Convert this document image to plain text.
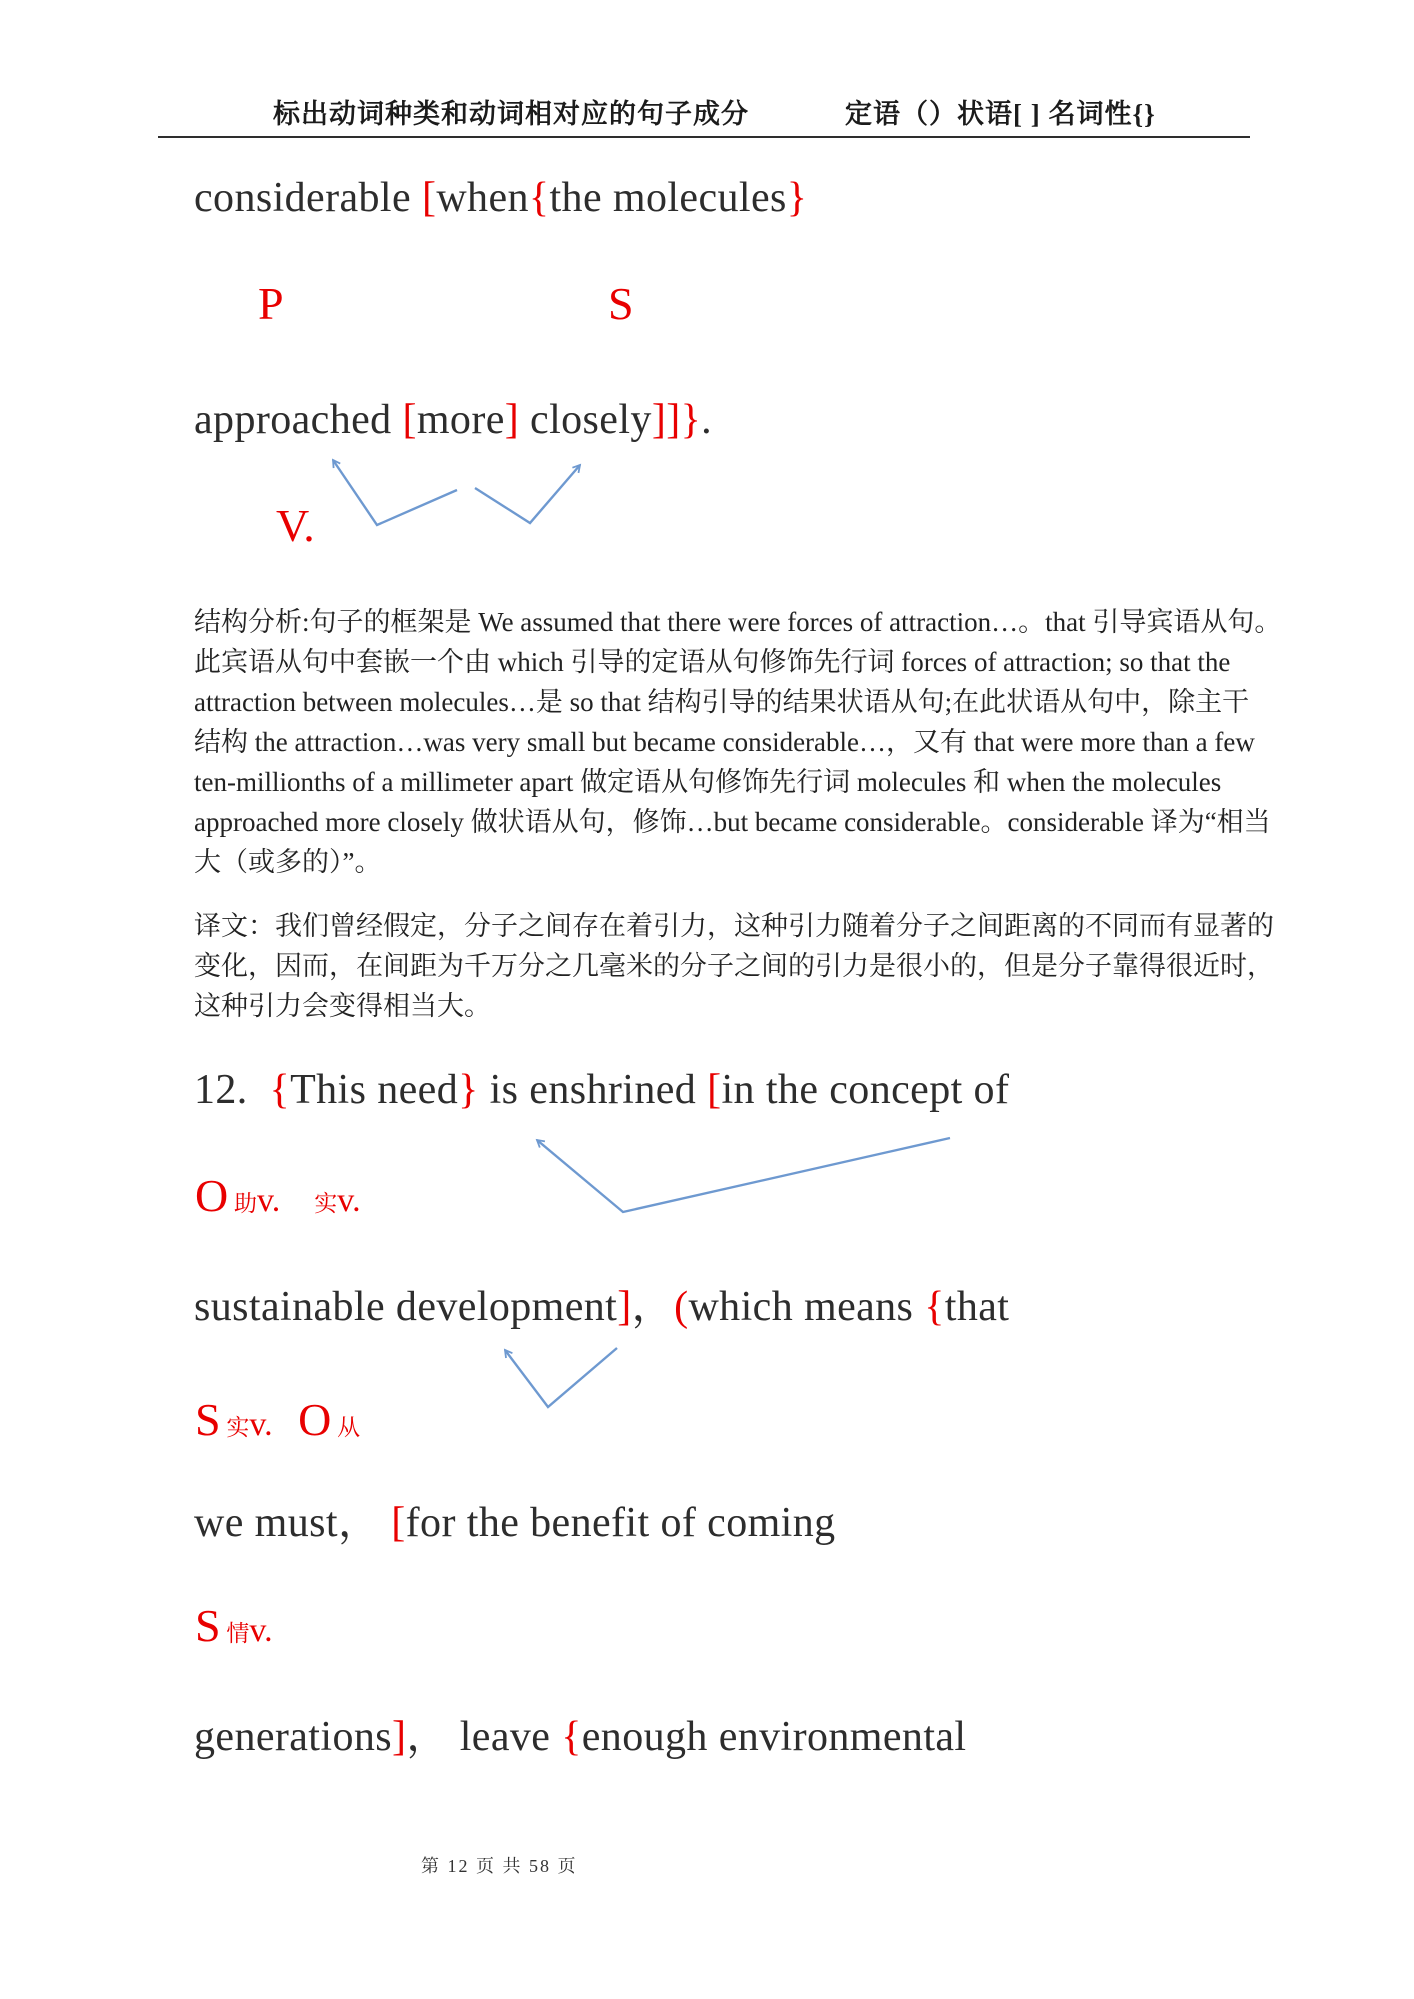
标出动词种类和动词相对应的句子成分	定语（）状语[ ] 名词性{}
considerable [when{the molecules}
P	S
approached [more] closely]]}.
V.
结构分析:句子的框架是 We assumed that there were forces of attraction…。that 引导宾语从句。
此宾语从句中套嵌一个由 which 引导的定语从句修饰先行词 forces of attraction; so that the
attraction between molecules…是 so that 结构引导的结果状语从句;在此状语从句中，除主干
结构 the attraction…was very small but became considerable…，又有 that were more than a few
ten-millionths of a millimeter apart 做定语从句修饰先行词 molecules 和 when the molecules
approached more closely 做状语从句，修饰…but became considerable。considerable 译为“相当
大（或多的）”。
译文：我们曾经假定，分子之间存在着引力，这种引力随着分子之间距离的不同而有显著的
变化，因而，在间距为千万分之几毫米的分子之间的引力是很小的，但是分子靠得很近时，
这种引力会变得相当大。
12.  {This need} is enshrined [in the concept of
O 助v. 实v.
sustainable development]，(which means {that
S 实v. O 从
we must， [for the benefit of coming
S 情v.
generations]， leave {enough environmental
第 12 页 共 58 页
